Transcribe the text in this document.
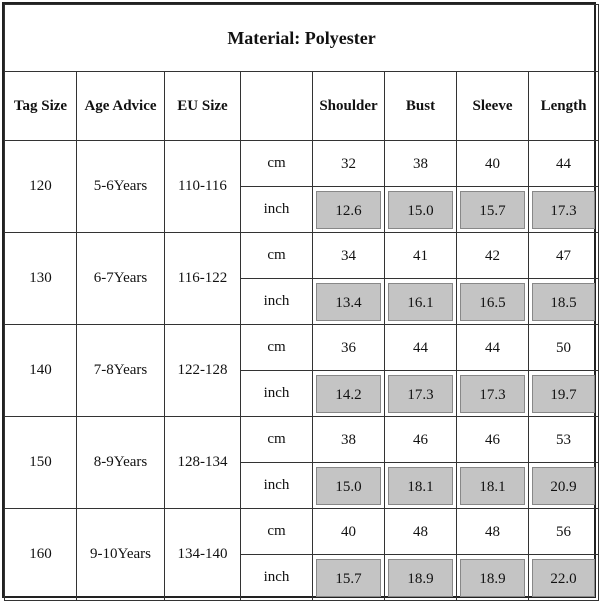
Material: Polyester							
Tag Size	Age Advice	EU Size		Shoulder	Bust	Sleeve	Length
120	5-6Years	110-116	cm	32	38	40	44

			inch	12.6	15.0	15.7	17.3

130	6-7Years	116-122	cm	34	41	42	47

			inch	13.4	16.1	16.5	18.5

140	7-8Years	122-128	cm	36	44	44	50

			inch	14.2	17.3	17.3	19.7

150	8-9Years	128-134	cm	38	46	46	53

			inch	15.0	18.1	18.1	20.9

160	9-10Years	134-140	cm	40	48	48	56

			inch	15.7	18.9	18.9	22.0
